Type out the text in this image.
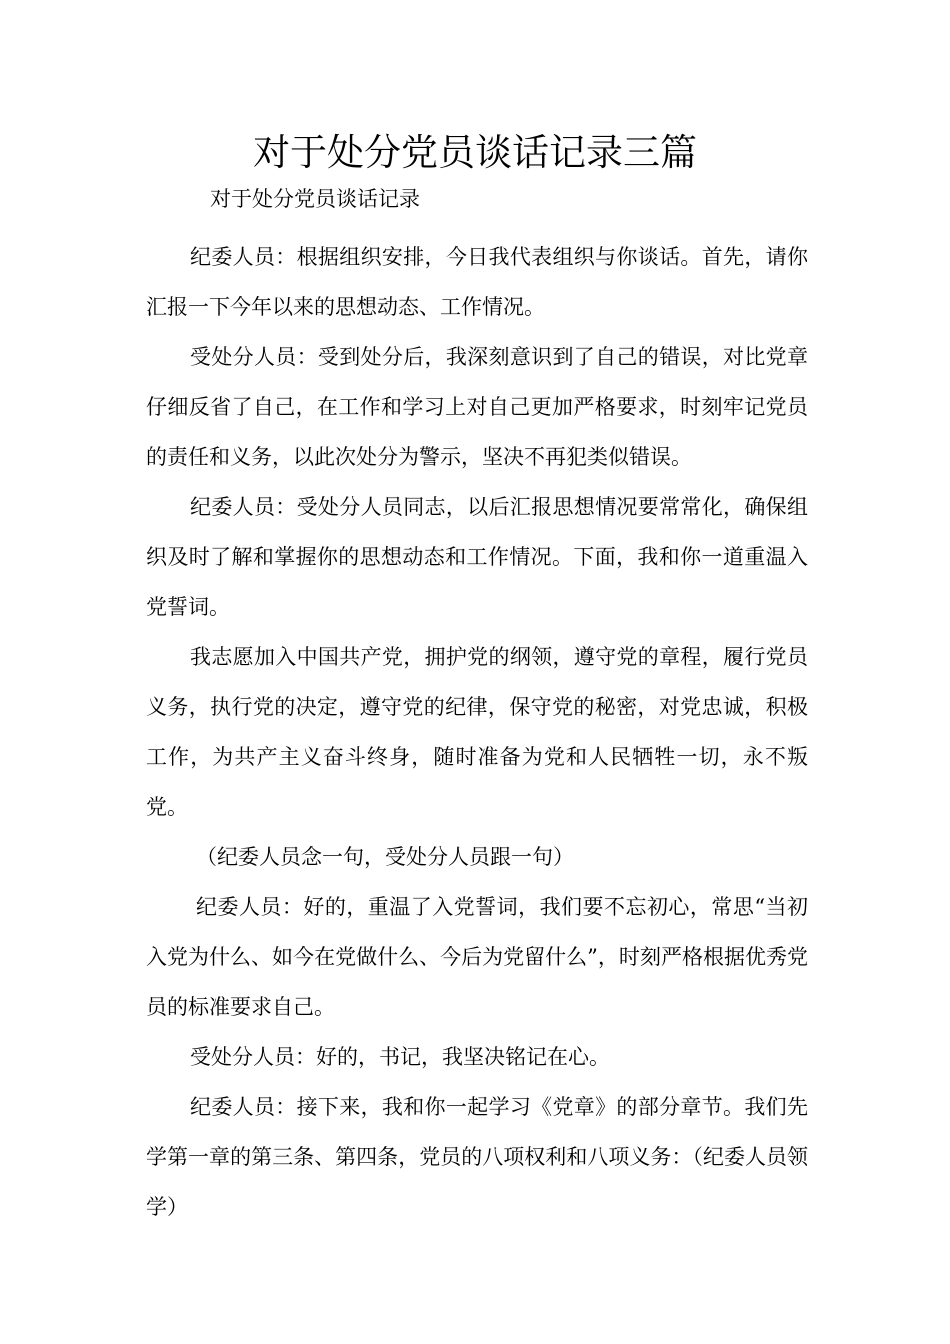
对于处分党员谈话记录三篇
对于处分党员谈话记录

纪委人员：根据组织安排，今日我代表组织与你谈话。首先，请你汇报一下今年以来的思想动态、工作情况。

受处分人员：受到处分后，我深刻意识到了自己的错误，对比党章仔细反省了自己，在工作和学习上对自己更加严格要求，时刻牢记党员的责任和义务，以此次处分为警示，坚决不再犯类似错误。

纪委人员：受处分人员同志，以后汇报思想情况要常常化，确保组织及时了解和掌握你的思想动态和工作情况。下面，我和你一道重温入党誓词。

我志愿加入中国共产党，拥护党的纲领，遵守党的章程，履行党员义务，执行党的决定，遵守党的纪律，保守党的秘密，对党忠诚，积极工作，为共产主义奋斗终身，随时准备为党和人民牺牲一切，永不叛党。

（纪委人员念一句，受处分人员跟一句）

纪委人员：好的，重温了入党誓词，我们要不忘初心，常思“当初入党为什么、如今在党做什么、今后为党留什么”，时刻严格根据优秀党员的标准要求自己。

受处分人员：好的，书记，我坚决铭记在心。

纪委人员：接下来，我和你一起学习《党章》的部分章节。我们先学第一章的第三条、第四条，党员的八项权利和八项义务：（纪委人员领学）
